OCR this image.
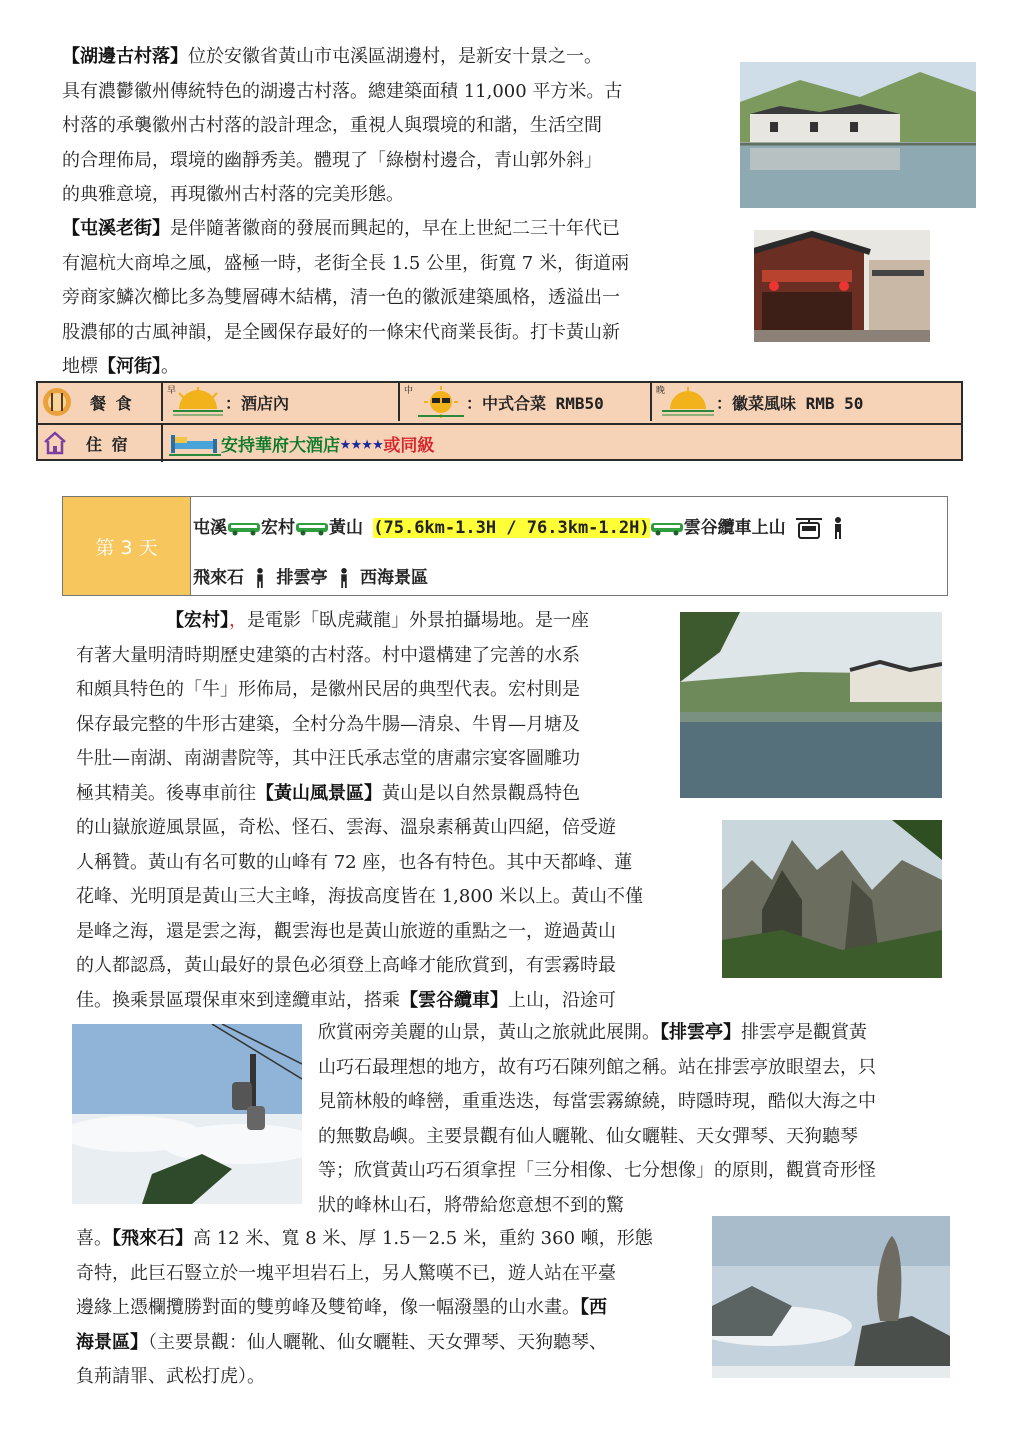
【湖邊古村落】位於安徽省黃山市屯溪區湖邊村，是新安十景之一。
具有濃鬱徽州傳統特色的湖邊古村落。總建築面積 11,000 平方米。古
村落的承襲徽州古村落的設計理念，重視人與環境的和諧，生活空間
的合理佈局，環境的幽靜秀美。體現了「綠樹村邊合，青山郭外斜」
的典雅意境，再現徽州古村落的完美形態。
【屯溪老街】是伴隨著徽商的發展而興起的，早在上世紀二三十年代已
有滬杭大商埠之風，盛極一時，老街全長 1.5 公里，街寬 7 米，街道兩
旁商家鱗次櫛比多為雙層磚木結構，清一色的徽派建築風格，透溢出一
股濃郁的古風神韻，是全國保存最好的一條宋代商業長街。打卡黃山新
地標【河街】。
餐 食
早
：酒店內
中
：中式合菜 RMB50
晚
：徽菜風味 RMB 50
住 宿	安持華府大酒店 ★★★★ 或同級
第 3 天
屯溪 宏村 黃山 (75.6km-1.3H / 76.3km-1.2H) 雲谷纜車上山
飛來石 排雲亭 西海景區
【宏村】，是電影「臥虎藏龍」外景拍攝場地。是一座
有著大量明清時期歷史建築的古村落。村中還構建了完善的水系
和頗具特色的「牛」形佈局，是徽州民居的典型代表。宏村則是
保存最完整的牛形古建築，全村分為牛腸—清泉、牛胃—月塘及
牛肚—南湖、南湖書院等，其中汪氏承志堂的唐肅宗宴客圖雕功
極其精美。後專車前往【黃山風景區】黃山是以自然景觀爲特色
的山嶽旅遊風景區，奇松、怪石、雲海、溫泉素稱黃山四絕，倍受遊
人稱贊。黃山有名可數的山峰有 72 座，也各有特色。其中天都峰、蓮
花峰、光明頂是黃山三大主峰，海拔高度皆在 1,800 米以上。黃山不僅
是峰之海，還是雲之海，觀雲海也是黃山旅遊的重點之一，遊過黃山
的人都認爲，黃山最好的景色必須登上高峰才能欣賞到，有雲霧時最
佳。換乘景區環保車來到達纜車站，搭乘【雲谷纜車】上山，沿途可
欣賞兩旁美麗的山景，黃山之旅就此展開。【排雲亭】排雲亭是觀賞黃
山巧石最理想的地方，故有巧石陳列館之稱。站在排雲亭放眼望去，只
見箭林般的峰巒，重重迭迭，每當雲霧繚繞，時隱時現，酷似大海之中
的無數島嶼。主要景觀有仙人曬靴、仙女曬鞋、天女彈琴、天狗聽琴
等；欣賞黃山巧石須拿捏「三分相像、七分想像」的原則，觀賞奇形怪
狀的峰林山石，將帶給您意想不到的驚
喜。【飛來石】高 12 米、寬 8 米、厚 1.5－2.5 米，重約 360 噸，形態
奇特，此巨石豎立於一塊平坦岩石上，另人驚嘆不已，遊人站在平臺
邊緣上憑欄攬勝對面的雙剪峰及雙筍峰，像一幅潑墨的山水畫。【西
海景區】（主要景觀：仙人曬靴、仙女曬鞋、天女彈琴、天狗聽琴、
負荊請罪、武松打虎）。
